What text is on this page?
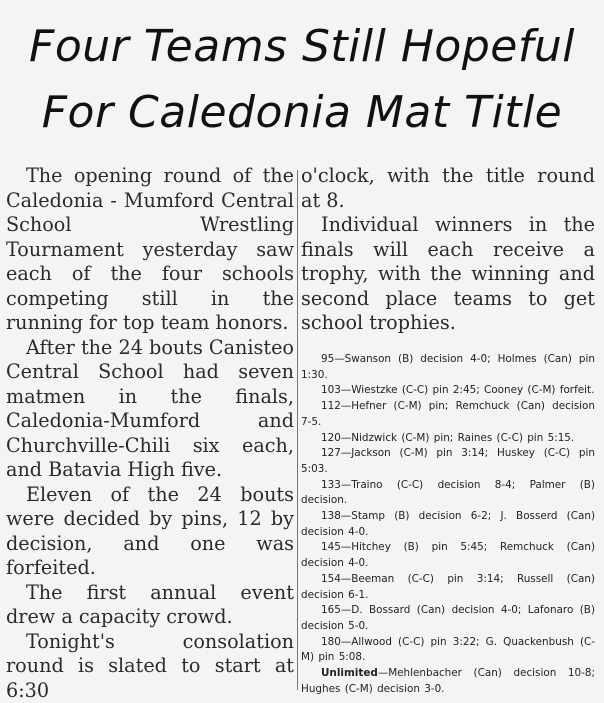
Four Teams Still Hopeful
For Caledonia Mat Title

The opening round of the Caledonia - Mumford Central School Wrestling Tournament yesterday saw each of the four schools competing still in the running for top team honors.

After the 24 bouts Canisteo Central School had seven matmen in the finals, Caledonia-Mumford and Churchville-Chili six each, and Batavia High five.

Eleven of the 24 bouts were decided by pins, 12 by decision, and one was forfeited.

The first annual event drew a capacity crowd.

Tonight's consolation round is slated to start at 6:30

o'clock, with the title round at 8.

Individual winners in the finals will each receive a trophy, with the winning and second place teams to get school trophies.

95—Swanson (B) decision 4-0; Holmes (Can) pin 1:30.

103—Wiestzke (C-C) pin 2:45; Cooney (C-M) forfeit.

112—Hefner (C-M) pin; Remchuck (Can) decision 7-5.

120—Nidzwick (C-M) pin; Raines (C-C) pin 5:15.

127—Jackson (C-M) pin 3:14; Huskey (C-C) pin 5:03.

133—Traino (C-C) decision 8-4; Palmer (B) decision.

138—Stamp (B) decision 6-2; J. Bosserd (Can) decision 4-0.

145—Hitchey (B) pin 5:45; Remchuck (Can) decision 4-0.

154—Beeman (C-C) pin 3:14; Russell (Can) decision 6-1.

165—D. Bossard (Can) decision 4-0; Lafonaro (B) decision 5-0.

180—Allwood (C-C) pin 3:22; G. Quackenbush (C-M) pin 5:08.

Unlimited—Mehlenbacher (Can) decision 10-8; Hughes (C-M) decision 3-0.
